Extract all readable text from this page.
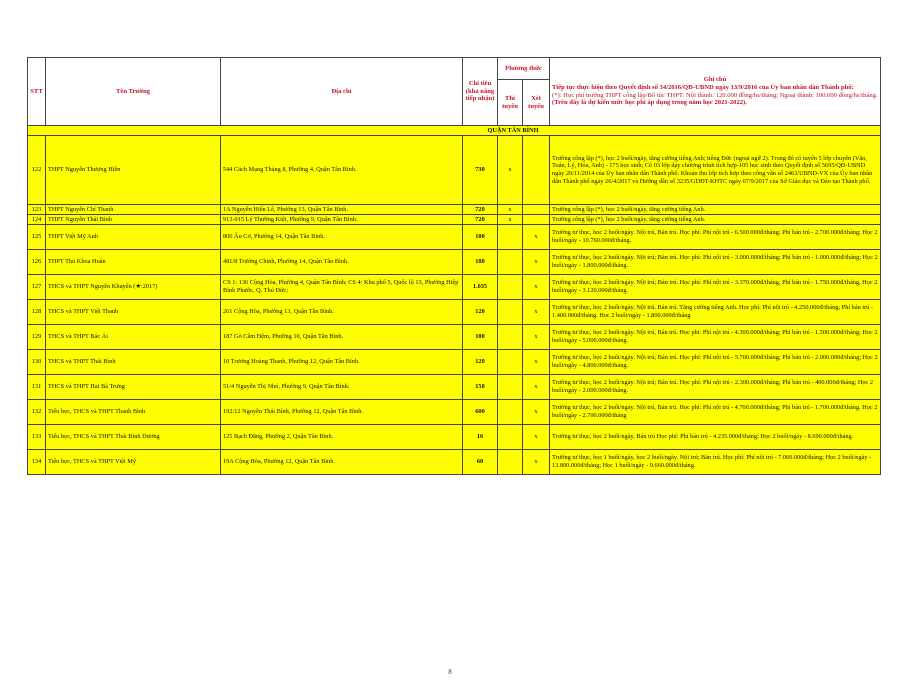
STT	Tên Trường	Địa chỉ	Chi tiêu (khả năng tiếp nhận)	Phương thức		Ghi chú
Tiếp tục thực hiện theo Quyết định số 34/2016/QĐ-UBND ngày 13/9/2016 của Ủy ban nhân dân Thành phố:
(*): Học phí trường THPT công lập/Bổ túc THPT: Nội thành: 120.000 đồng/hs/tháng; Ngoại thành: 100.000 đồng/hs/tháng.
(Trên đây là dự kiến mức học phí áp dụng trong năm học 2021-2022).
				Thi tuyển	Xét tuyển	
QUẬN TÂN BÌNH						
122	THPT Nguyễn Thượng Hiền	544 Cách Mạng Tháng 8, Phường 4, Quận Tân Bình.	730	x		Trường công lập (*), học 2 buổi/ngày, tăng cường tiếng Anh; tiếng Đức (ngoại ngữ 2). Trong đó có tuyển 5 lớp chuyên (Văn, Toán, Lý, Hóa, Anh) - 175 học sinh; Có 03 lớp dạy chương trình tích hợp-105 học sinh theo Quyết định số 5695/QĐ-UBND ngày 20/11/2014 của Ủy ban nhân dân Thành phố. Khoản thu lớp tích hợp theo công văn số 2463/UBND-VX của Ủy ban nhân dân Thành phố ngày 26/4/2017 và Hướng dẫn số 3235/GDĐT-KHTC ngày 07/9/2017 của Sở Giáo dục và Đào tạo Thành phố.
123	THPT Nguyễn Chí Thanh	1A Nguyễn Hiến Lê, Phường 13, Quận Tân Bình.	720	x		Trường công lập (*), học 2 buổi/ngày, tăng cường tiếng Anh.
124	THPT Nguyễn Thái Bình	913-915 Lý Thường Kiệt, Phường 9, Quận Tân Bình.	720	x		Trường công lập (*), học 2 buổi/ngày, tăng cường tiếng Anh.
125	THPT Việt Mỹ Anh	806 Âu Cơ, Phường 14, Quận Tân Bình.	100		x	Trường tư thục, học 2 buổi/ngày. Nội trú, Bán trú. Học phí: Phí nội trú - 6.500.000đ/tháng; Phí bán trú - 2.700.000đ/tháng; Học 2 buổi/ngày - 10.760.000đ/tháng.
126	THPT Thủ Khoa Huân	481/8 Trường Chinh, Phường 14, Quận Tân Bình.	180		x	Trường tư thục, học 2 buổi/ngày. Nội trú; Bán trú. Học phí: Phí nội trú - 3.000.000đ/tháng; Phí bán trú - 1.000.000đ/tháng; Học 2 buổi/ngày - 1.800.000đ/tháng.
127	THCS và THPT Nguyễn Khuyến (★:2017)	CS 1: 136 Cộng Hòa, Phường 4, Quận Tân Bình; CS 4: Khu phố 5, Quốc lộ 13, Phường Hiệp Bình Phước, Q. Thủ Đức;	1.035		x	Trường tư thục, học 2 buổi/ngày. Nội trú; Bán trú. Học phí: Phí nội trú - 3.370.000đ/tháng, Phí bán trú - 1.750.000đ/tháng, Học 2 buổi/ngày - 3.120.000đ/tháng.
128	THCS và THPT Việt Thanh	261 Cộng Hòa, Phường 13, Quận Tân Bình.	120		x	Trường tư thục, học 2 buổi/ngày. Nội trú. Bán trú. Tăng cường tiếng Anh. Học phí: Phí nội trú - 4.250.000đ/tháng; Phí bán trú - 1.400.000đ/tháng. Học 2 buổi/ngày - 1.800.000đ/tháng
129	THCS và THPT Bác Ái	187 Gò Cẩm Đệm, Phường 10, Quận Tân Bình.	100		x	Trường tư thục, học 2 buổi/ngày. Nội trú, Bán trú. Học phí: Phí nội trú - 4.300.000đ/tháng; Phí bán trú - 1.500.000đ/tháng; Học 2 buổi/ngày - 5.000.000đ/tháng.
130	THCS và THPT Thái Bình	10 Trương Hoàng Thanh, Phường 12, Quận Tân Bình.	120		x	Trường tư thục, học 2 buổi/ngày. Nội trú; Bán trú. Học phí: Phí nội trú - 5.700.000đ/tháng; Phí bán trú - 2.000.000đ/tháng; Học 2 buổi/ngày - 4.800.000đ/tháng.
131	THCS và THPT Hai Bà Trưng	51/4 Nguyễn Thị Nhỏ, Phường 9, Quận Tân Bình.	150		x	Trường tư thục, học 2 buổi/ngày. Nội trú; Bán trú. Học phí: Phí nội trú - 2.300.000đ/tháng; Phí bán trú - 400.000đ/tháng; Học 2 buổi/ngày - 2.000.000đ/tháng.
132	Tiểu học, THCS và THPT Thanh Bình	192/12 Nguyễn Thái Bình, Phường 12, Quận Tân Bình.	600		x	Trường tư thục, học 2 buổi/ngày. Nội trú, Bán trú. Học phí: Phí nội trú - 4.700.000đ/tháng; Phí bán trú - 1.700.000đ/tháng. Học 2 buổi/ngày - 2.700.000đ/tháng
133	Tiểu học, THCS và THPT Thái Bình Dương	125 Bạch Đằng, Phường 2, Quận Tân Bình.	16		x	Trường tư thục, học 2 buổi/ngày. Bán trú Học phí: Phí bán trú - 4.235.000đ/tháng; Học 2 buổi/ngày - 8.690.000đ/tháng.
134	Tiểu học, THCS và THPT Việt Mỹ	19A Cộng Hòa, Phường 12, Quận Tân Bình.	60		x	Trường tư thục, học 1 buổi/ngày, học 2 buổi/ngày. Nội trú; Bán trú. Học phí: Phí nội trú - 7.060.000đ/tháng; Học 2 buổi/ngày - 13.800.000đ/tháng; Học 1 buổi/ngày - 9.660.000đ/tháng.
8
